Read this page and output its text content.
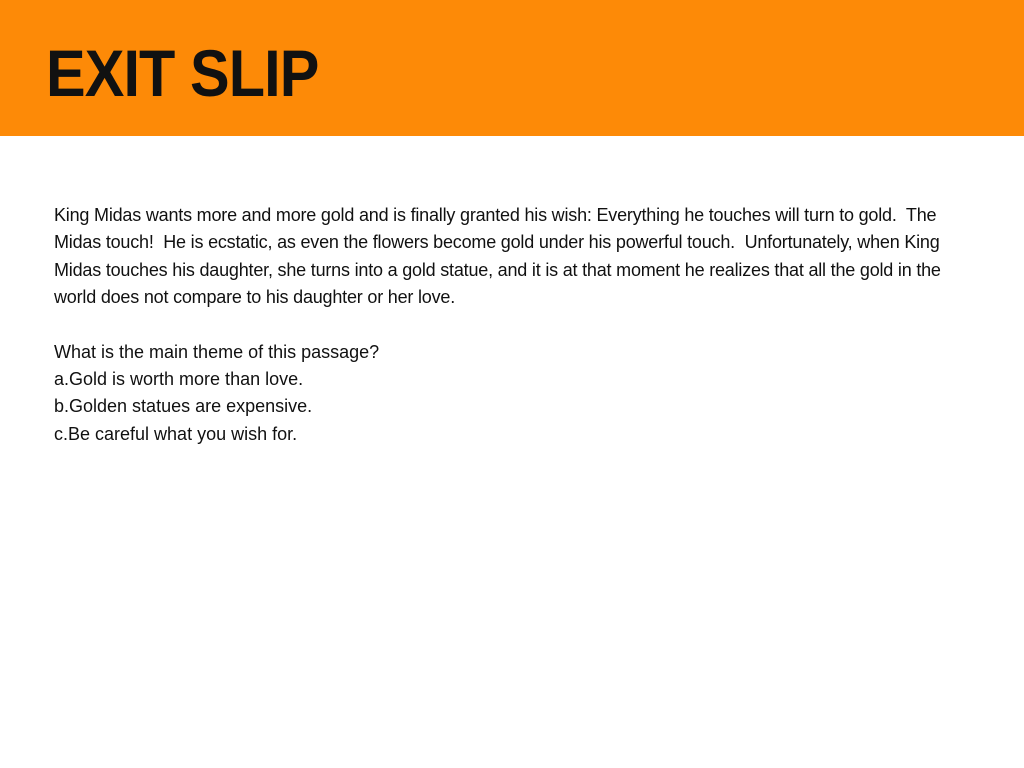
EXIT SLIP

King Midas wants more and more gold and is finally granted his wish: Everything he touches will turn to gold.  The Midas touch!  He is ecstatic, as even the flowers become gold under his powerful touch.  Unfortunately, when King Midas touches his daughter, she turns into a gold statue, and it is at that moment he realizes that all the gold in the world does not compare to his daughter or her love.

What is the main theme of this passage?

a.Gold is worth more than love.
b.Golden statues are expensive.
c.Be careful what you wish for.
